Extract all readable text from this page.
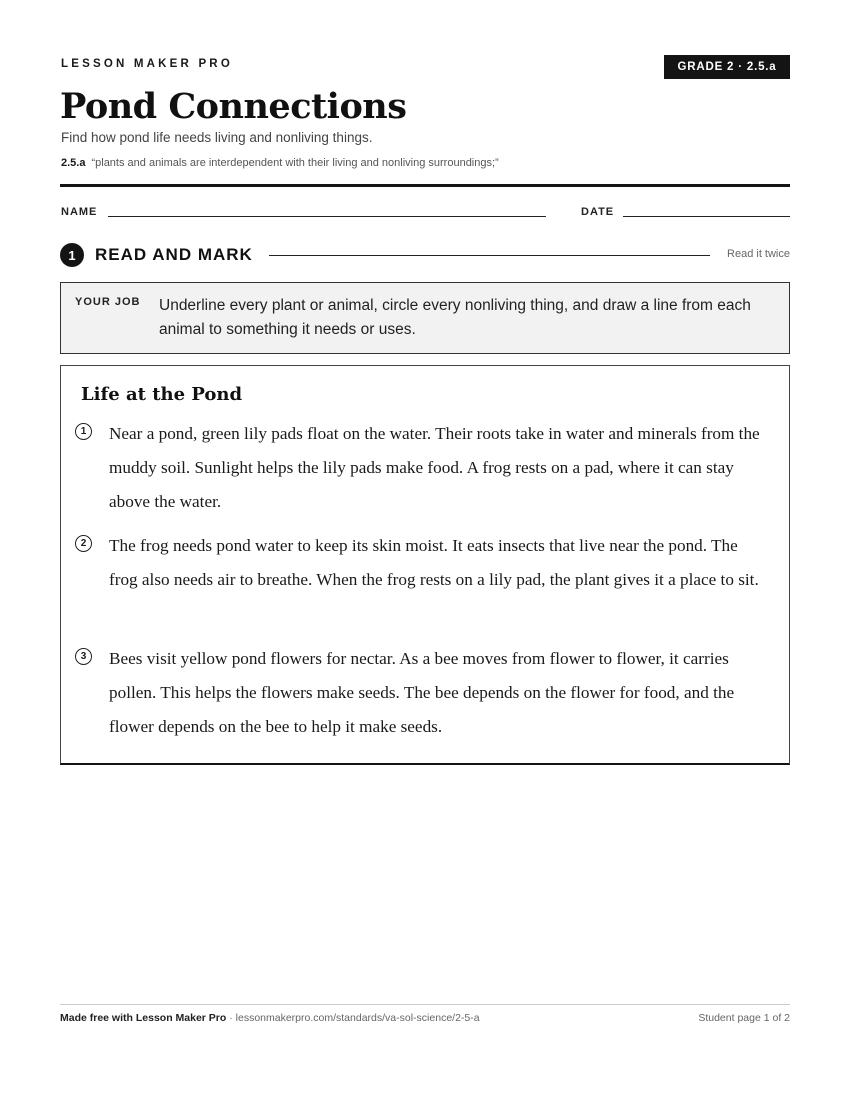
LESSON MAKER PRO	GRADE 2 · 2.5.a
Pond Connections
Find how pond life needs living and nonliving things.
2.5.a “plants and animals are interdependent with their living and nonliving surroundings;”
NAME	DATE
1	READ AND MARK	Read it twice
YOUR JOB Underline every plant or animal, circle every nonliving thing, and draw a line from each animal to something it needs or uses.
Life at the Pond
1	Near a pond, green lily pads float on the water. Their roots take in water and minerals from the muddy soil. Sunlight helps the lily pads make food. A frog rests on a pad, where it can stay above the water.

2	The frog needs pond water to keep its skin moist. It eats insects that live near the pond. The frog also needs air to breathe. When the frog rests on a lily pad, the plant gives it a place to sit.

3	Bees visit yellow pond flowers for nectar. As a bee moves from flower to flower, it carries pollen. This helps the flowers make seeds. The bee depends on the flower for food, and the flower depends on the bee to help it make seeds.

Made free with Lesson Maker Pro · lessonmakerpro.com/standards/va-sol-science/2-5-a	Student page 1 of 2
